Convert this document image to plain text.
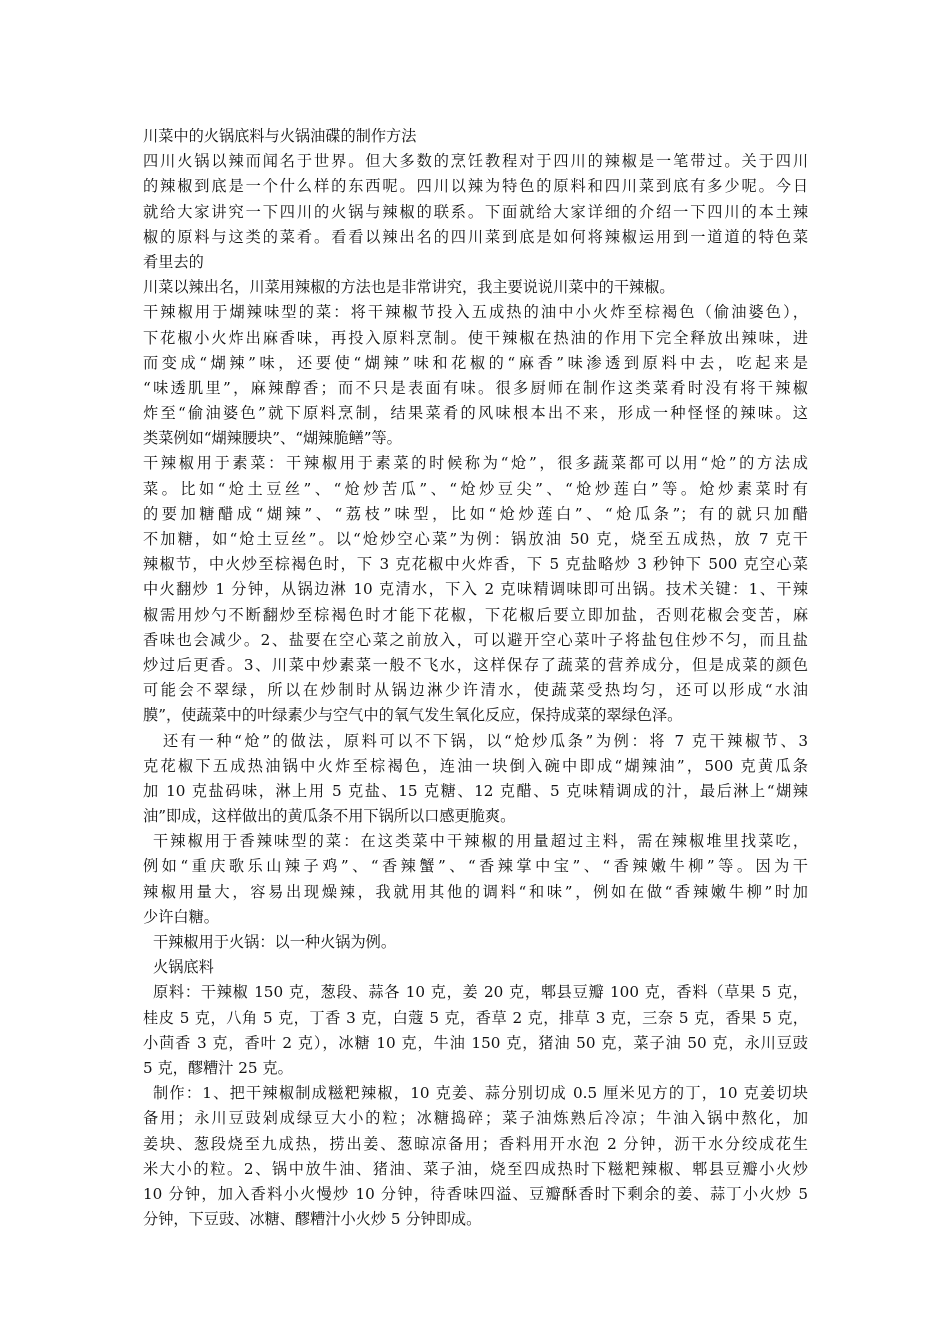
川菜中的火锅底料与火锅油碟的制作方法
四川火锅以辣而闻名于世界。但大多数的烹饪教程对于四川的辣椒是一笔带过。关于四川
的辣椒到底是一个什么样的东西呢。四川以辣为特色的原料和四川菜到底有多少呢。今日
就给大家讲究一下四川的火锅与辣椒的联系。下面就给大家详细的介绍一下四川的本土辣
椒的原料与这类的菜肴。看看以辣出名的四川菜到底是如何将辣椒运用到一道道的特色菜
肴里去的
川菜以辣出名，川菜用辣椒的方法也是非常讲究，我主要说说川菜中的干辣椒。
干辣椒用于煳辣味型的菜：将干辣椒节投入五成热的油中小火炸至棕褐色（偷油婆色），
下花椒小火炸出麻香味，再投入原料烹制。使干辣椒在热油的作用下完全释放出辣味，进
而变成“煳辣”味，还要使“煳辣”味和花椒的“麻香”味渗透到原料中去，吃起来是
“味透肌里”，麻辣醇香；而不只是表面有味。很多厨师在制作这类菜肴时没有将干辣椒
炸至“偷油婆色”就下原料烹制，结果菜肴的风味根本出不来，形成一种怪怪的辣味。这
类菜例如“煳辣腰块”、“煳辣脆鳝”等。
干辣椒用于素菜：干辣椒用于素菜的时候称为“炝”，很多蔬菜都可以用“炝”的方法成
菜。比如“炝土豆丝”、“炝炒苦瓜”、“炝炒豆尖”、“炝炒莲白”等。炝炒素菜时有
的要加糖醋成“煳辣”、“荔枝”味型，比如“炝炒莲白”、“炝瓜条”；有的就只加醋
不加糖，如“炝土豆丝”。以“炝炒空心菜”为例：锅放油 50 克，烧至五成热，放 7 克干
辣椒节，中火炒至棕褐色时，下 3 克花椒中火炸香，下 5 克盐略炒 3 秒钟下 500 克空心菜
中火翻炒 1 分钟，从锅边淋 10 克清水，下入 2 克味精调味即可出锅。技术关键：1、干辣
椒需用炒勺不断翻炒至棕褐色时才能下花椒，下花椒后要立即加盐，否则花椒会变苦，麻
香味也会减少。2、盐要在空心菜之前放入，可以避开空心菜叶子将盐包住炒不匀，而且盐
炒过后更香。3、川菜中炒素菜一般不飞水，这样保存了蔬菜的营养成分，但是成菜的颜色
可能会不翠绿，所以在炒制时从锅边淋少许清水，使蔬菜受热均匀，还可以形成“水油
膜”，使蔬菜中的叶绿素少与空气中的氧气发生氧化反应，保持成菜的翠绿色泽。
还有一种“炝”的做法，原料可以不下锅，以“炝炒瓜条”为例：将 7 克干辣椒节、3
克花椒下五成热油锅中火炸至棕褐色，连油一块倒入碗中即成“煳辣油”，500 克黄瓜条
加 10 克盐码味，淋上用 5 克盐、15 克糖、12 克醋、5 克味精调成的汁，最后淋上“煳辣
油”即成，这样做出的黄瓜条不用下锅所以口感更脆爽。
干辣椒用于香辣味型的菜：在这类菜中干辣椒的用量超过主料，需在辣椒堆里找菜吃，
例如“重庆歌乐山辣子鸡”、“香辣蟹”、“香辣掌中宝”、“香辣嫩牛柳”等。因为干
辣椒用量大，容易出现燥辣，我就用其他的调料“和味”，例如在做“香辣嫩牛柳”时加
少许白糖。
干辣椒用于火锅：以一种火锅为例。
火锅底料
原料：干辣椒 150 克，葱段、蒜各 10 克，姜 20 克，郫县豆瓣 100 克，香料（草果 5 克，
桂皮 5 克，八角 5 克，丁香 3 克，白蔻 5 克，香草 2 克，排草 3 克，三奈 5 克，香果 5 克，
小茴香 3 克，香叶 2 克），冰糖 10 克，牛油 150 克，猪油 50 克，菜子油 50 克，永川豆豉
5 克，醪糟汁 25 克。
制作：1、把干辣椒制成糍粑辣椒，10 克姜、蒜分别切成 0.5 厘米见方的丁，10 克姜切块
备用；永川豆豉剁成绿豆大小的粒；冰糖捣碎；菜子油炼熟后冷凉；牛油入锅中熬化，加
姜块、葱段烧至九成热，捞出姜、葱晾凉备用；香料用开水泡 2 分钟，沥干水分绞成花生
米大小的粒。2、锅中放牛油、猪油、菜子油，烧至四成热时下糍粑辣椒、郫县豆瓣小火炒
10 分钟，加入香料小火慢炒 10 分钟，待香味四溢、豆瓣酥香时下剩余的姜、蒜丁小火炒 5
分钟，下豆豉、冰糖、醪糟汁小火炒 5 分钟即成。
